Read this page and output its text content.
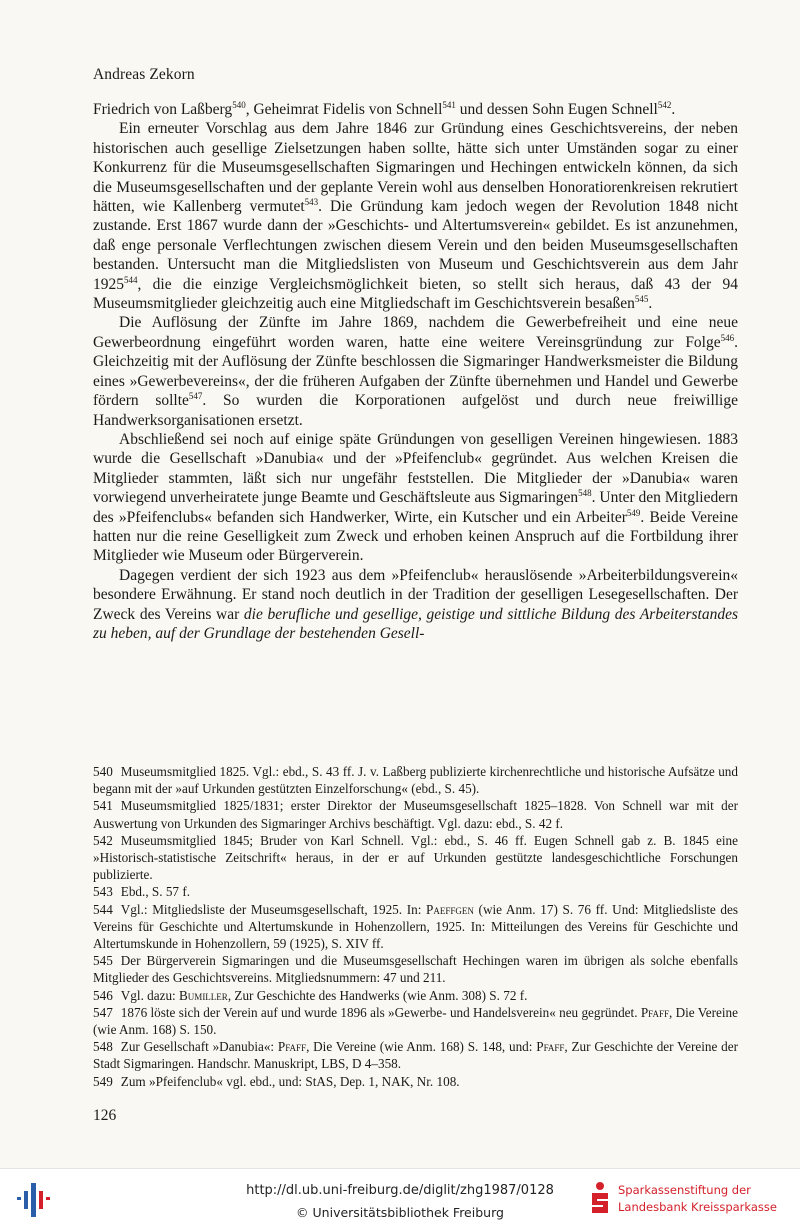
Andreas Zekorn

Friedrich von Laßberg$^{540}$, Geheimrat Fidelis von Schnell$^{541}$ und dessen Sohn Eugen Schnell$^{542}$.

Ein erneuter Vorschlag aus dem Jahre 1846 zur Gründung eines Geschichtsvereins, der neben historischen auch gesellige Zielsetzungen haben sollte, hätte sich unter Umständen sogar zu einer Konkurrenz für die Museumsgesellschaften Sigmaringen und Hechingen entwickeln können, da sich die Museumsgesellschaften und der geplante Verein wohl aus denselben Honoratiorenkreisen rekrutiert hätten, wie Kallenberg vermutet$^{543}$. Die Gründung kam jedoch wegen der Revolution 1848 nicht zustande. Erst 1867 wurde dann der »Geschichts- und Altertumsverein« gebildet. Es ist anzunehmen, daß enge personale Verflechtungen zwischen diesem Verein und den beiden Museumsgesellschaften bestanden. Untersucht man die Mitgliedslisten von Museum und Geschichtsverein aus dem Jahr 1925$^{544}$, die die einzige Vergleichsmöglichkeit bieten, so stellt sich heraus, daß 43 der 94 Museumsmitglieder gleichzeitig auch eine Mitgliedschaft im Geschichtsverein besaßen$^{545}$.

Die Auflösung der Zünfte im Jahre 1869, nachdem die Gewerbefreiheit und eine neue Gewerbeordnung eingeführt worden waren, hatte eine weitere Vereinsgründung zur Folge$^{546}$. Gleichzeitig mit der Auflösung der Zünfte beschlossen die Sigmaringer Handwerksmeister die Bildung eines »Gewerbevereins«, der die früheren Aufgaben der Zünfte übernehmen und Handel und Gewerbe fördern sollte$^{547}$. So wurden die Korporationen aufgelöst und durch neue freiwillige Handwerksorganisationen ersetzt.

Abschließend sei noch auf einige späte Gründungen von geselligen Vereinen hingewiesen. 1883 wurde die Gesellschaft »Danubia« und der »Pfeifenclub« gegründet. Aus welchen Kreisen die Mitglieder stammten, läßt sich nur ungefähr feststellen. Die Mitglieder der »Danubia« waren vorwiegend unverheiratete junge Beamte und Geschäftsleute aus Sigmaringen$^{548}$. Unter den Mitgliedern des »Pfeifenclubs« befanden sich Handwerker, Wirte, ein Kutscher und ein Arbeiter$^{549}$. Beide Vereine hatten nur die reine Geselligkeit zum Zweck und erhoben keinen Anspruch auf die Fortbildung ihrer Mitglieder wie Museum oder Bürgerverein.

Dagegen verdient der sich 1923 aus dem »Pfeifenclub« herauslösende »Arbeiterbildungsverein« besondere Erwähnung. Er stand noch deutlich in der Tradition der geselligen Lesegesellschaften. Der Zweck des Vereins war die berufliche und gesellige, geistige und sittliche Bildung des Arbeiterstandes zu heben, auf der Grundlage der bestehenden Gesell-

540 Museumsmitglied 1825. Vgl.: ebd., S. 43 ff. J. v. Laßberg publizierte kirchenrechtliche und historische Aufsätze und begann mit der »auf Urkunden gestützten Einzelforschung« (ebd., S. 45).

541 Museumsmitglied 1825/1831; erster Direktor der Museumsgesellschaft 1825–1828. Von Schnell war mit der Auswertung von Urkunden des Sigmaringer Archivs beschäftigt. Vgl. dazu: ebd., S. 42 f.

542 Museumsmitglied 1845; Bruder von Karl Schnell. Vgl.: ebd., S. 46 ff. Eugen Schnell gab z. B. 1845 eine »Historisch-statistische Zeitschrift« heraus, in der er auf Urkunden gestützte landesgeschichtliche Forschungen publizierte.

543 Ebd., S. 57 f.

544 Vgl.: Mitgliedsliste der Museumsgesellschaft, 1925. In: Paeffgen (wie Anm. 17) S. 76 ff. Und: Mitgliedsliste des Vereins für Geschichte und Altertumskunde in Hohenzollern, 1925. In: Mitteilungen des Vereins für Geschichte und Altertumskunde in Hohenzollern, 59 (1925), S. XIV ff.

545 Der Bürgerverein Sigmaringen und die Museumsgesellschaft Hechingen waren im übrigen als solche ebenfalls Mitglieder des Geschichtsvereins. Mitgliedsnummern: 47 und 211.

546 Vgl. dazu: Bumiller, Zur Geschichte des Handwerks (wie Anm. 308) S. 72 f.

547 1876 löste sich der Verein auf und wurde 1896 als »Gewerbe- und Handelsverein« neu gegründet. Pfaff, Die Vereine (wie Anm. 168) S. 150.

548 Zur Gesellschaft »Danubia«: Pfaff, Die Vereine (wie Anm. 168) S. 148, und: Pfaff, Zur Geschichte der Vereine der Stadt Sigmaringen. Handschr. Manuskript, LBS, D 4–358.

549 Zum »Pfeifenclub« vgl. ebd., und: StAS, Dep. 1, NAK, Nr. 108.

126
http://dl.ub.uni-freiburg.de/diglit/zhg1987/0128
© Universitätsbibliothek Freiburg
Sparkassenstiftung der
Landesbank Kreissparkasse
